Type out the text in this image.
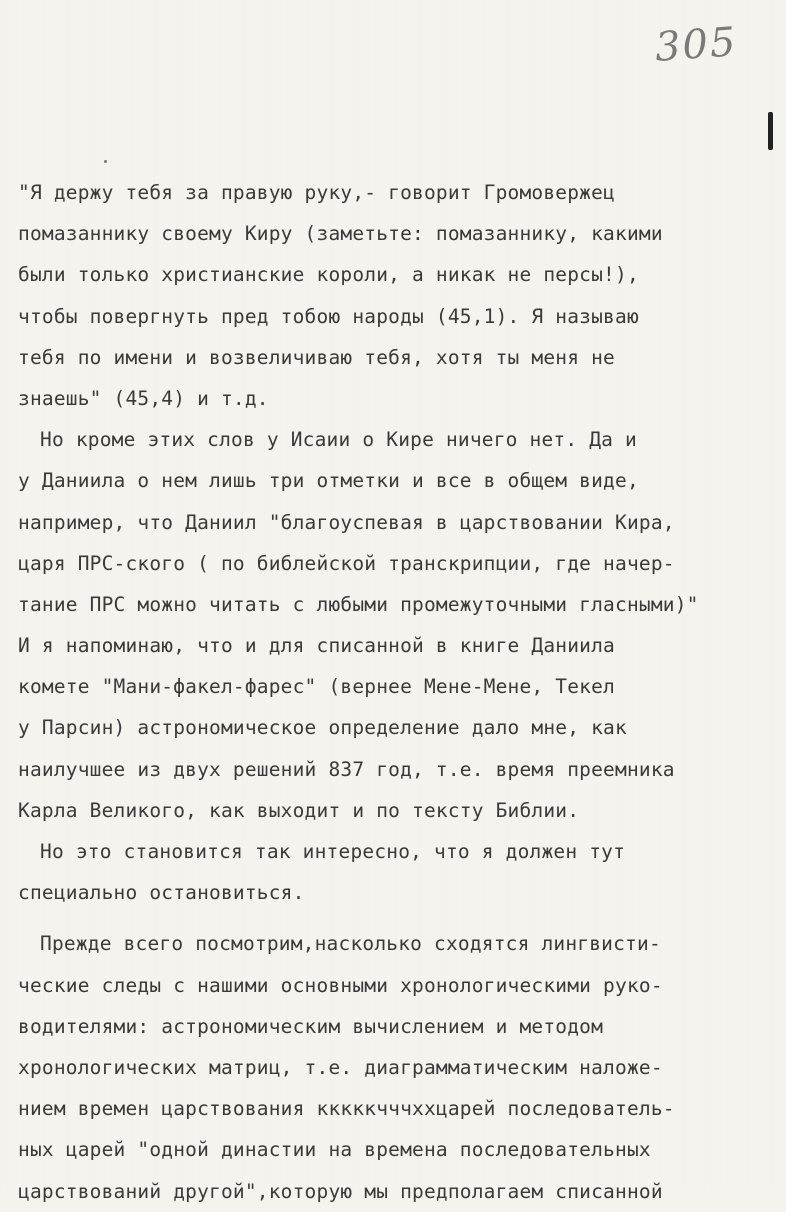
305
"Я держу тебя за правую руку,- говорит Громовержец
помазаннику своему Киру (заметьте: помазаннику, какими
были только христианские короли, а никак не персы!),
чтобы повергнуть пред тобою народы (45,1). Я называю
тебя по имени и возвеличиваю тебя, хотя ты меня не
знаешь" (45,4) и т.д.
Но кроме этих слов у Исаии о Кире ничего нет. Да и
у Даниила о нем лишь три отметки и все в общем виде,
например, что Даниил "благоуспевая в царствовании Кира,
царя ПРС-ского ( по библейской транскрипции, где начер-
тание ПРС можно читать с любыми промежуточными гласными)"
И я напоминаю, что и для списанной в книге Даниила
комете "Мани-факел-фарес" (вернее Мене-Мене, Текел
у Парсин) астрономическое определение дало мне, как
наилучшее из двух решений 837 год, т.е. время преемника
Карла Великого, как выходит и по тексту Библии.
Но это становится так интересно, что я должен тут
специально остановиться.
Прежде всего посмотрим,насколько сходятся лингвисти-
ческие следы с нашими основными хронологическими руко-
водителями: астрономическим вычислением и методом
хронологических матриц, т.е. диаграмматическим наложе-
нием времен царствования кккккчччххцарей последователь-
ных царей "одной династии на времена последовательных
царствований другой",которую мы предполагаем списанной
